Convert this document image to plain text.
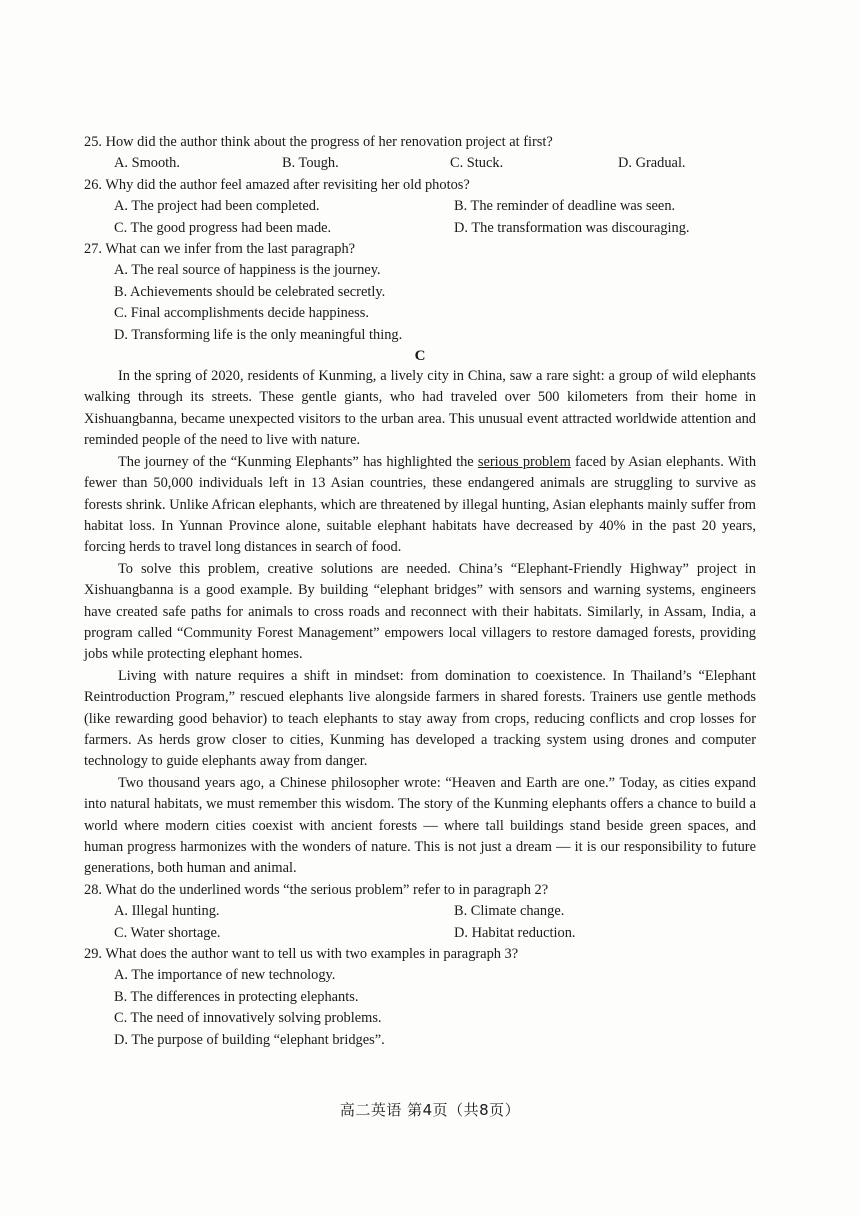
25. How did the author think about the progress of her renovation project at first?

A. Smooth.	B. Tough.	C. Stuck.	D. Gradual.

26. Why did the author feel amazed after revisiting her old photos?

A. The project had been completed.	B. The reminder of deadline was seen.
C. The good progress had been made.	D. The transformation was discouraging.

27. What can we infer from the last paragraph?

A. The real source of happiness is the journey.
B. Achievements should be celebrated secretly.
C. Final accomplishments decide happiness.
D. Transforming life is the only meaningful thing.

C

In the spring of 2020, residents of Kunming, a lively city in China, saw a rare sight: a group of wild elephants walking through its streets. These gentle giants, who had traveled over 500 kilometers from their home in Xishuangbanna, became unexpected visitors to the urban area. This unusual event attracted worldwide attention and reminded people of the need to live with nature.

The journey of the “Kunming Elephants” has highlighted the serious problem faced by Asian elephants. With fewer than 50,000 individuals left in 13 Asian countries, these endangered animals are struggling to survive as forests shrink. Unlike African elephants, which are threatened by illegal hunting, Asian elephants mainly suffer from habitat loss. In Yunnan Province alone, suitable elephant habitats have decreased by 40% in the past 20 years, forcing herds to travel long distances in search of food.

To solve this problem, creative solutions are needed. China’s “Elephant-Friendly Highway” project in Xishuangbanna is a good example. By building “elephant bridges” with sensors and warning systems, engineers have created safe paths for animals to cross roads and reconnect with their habitats. Similarly, in Assam, India, a program called “Community Forest Management” empowers local villagers to restore damaged forests, providing jobs while protecting elephant homes.

Living with nature requires a shift in mindset: from domination to coexistence. In Thailand’s “Elephant Reintroduction Program,” rescued elephants live alongside farmers in shared forests. Trainers use gentle methods (like rewarding good behavior) to teach elephants to stay away from crops, reducing conflicts and crop losses for farmers. As herds grow closer to cities, Kunming has developed a tracking system using drones and computer technology to guide elephants away from danger.

Two thousand years ago, a Chinese philosopher wrote: “Heaven and Earth are one.” Today, as cities expand into natural habitats, we must remember this wisdom. The story of the Kunming elephants offers a chance to build a world where modern cities coexist with ancient forests — where tall buildings stand beside green spaces, and human progress harmonizes with the wonders of nature. This is not just a dream — it is our responsibility to future generations, both human and animal.

28. What do the underlined words “the serious problem” refer to in paragraph 2?

A. Illegal hunting.	B. Climate change.
C. Water shortage.	D. Habitat reduction.

29. What does the author want to tell us with two examples in paragraph 3?

A. The importance of new technology.
B. The differences in protecting elephants.
C. The need of innovatively solving problems.
D. The purpose of building “elephant bridges”.
高二英语 第4页（共8页）
